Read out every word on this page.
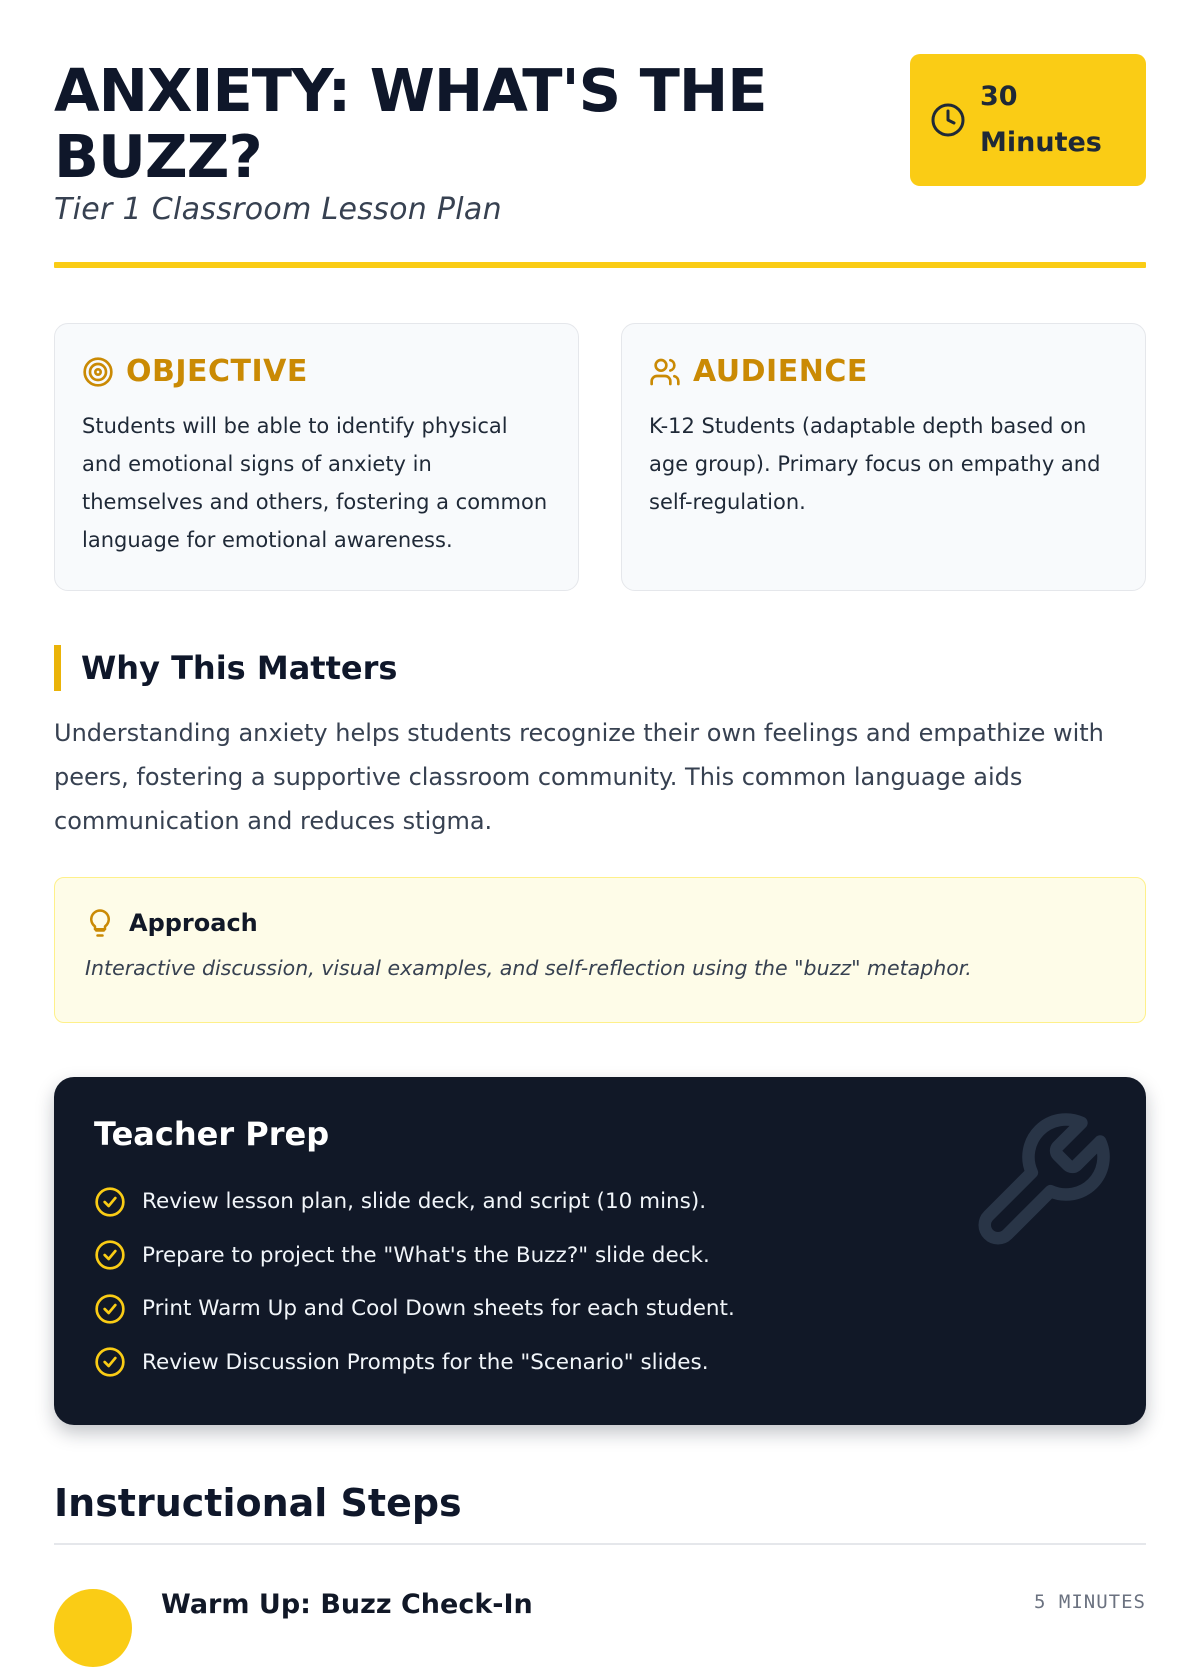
ANXIETY: WHAT'S THE BUZZ?
Tier 1 Classroom Lesson Plan
30
Minutes
OBJECTIVE
Students will be able to identify physical and emotional signs of anxiety in themselves and others, fostering a common language for emotional awareness.
AUDIENCE
K-12 Students (adaptable depth based on age group). Primary focus on empathy and self-regulation.
Why This Matters
Understanding anxiety helps students recognize their own feelings and empathize with peers, fostering a supportive classroom community. This common language aids communication and reduces stigma.
Approach
Interactive discussion, visual examples, and self-reflection using the "buzz" metaphor.
Teacher Prep
Review lesson plan, slide deck, and script (10 mins).
Prepare to project the "What's the Buzz?" slide deck.
Print Warm Up and Cool Down sheets for each student.
Review Discussion Prompts for the "Scenario" slides.
Instructional Steps
Warm Up: Buzz Check-In	5 MINUTES
